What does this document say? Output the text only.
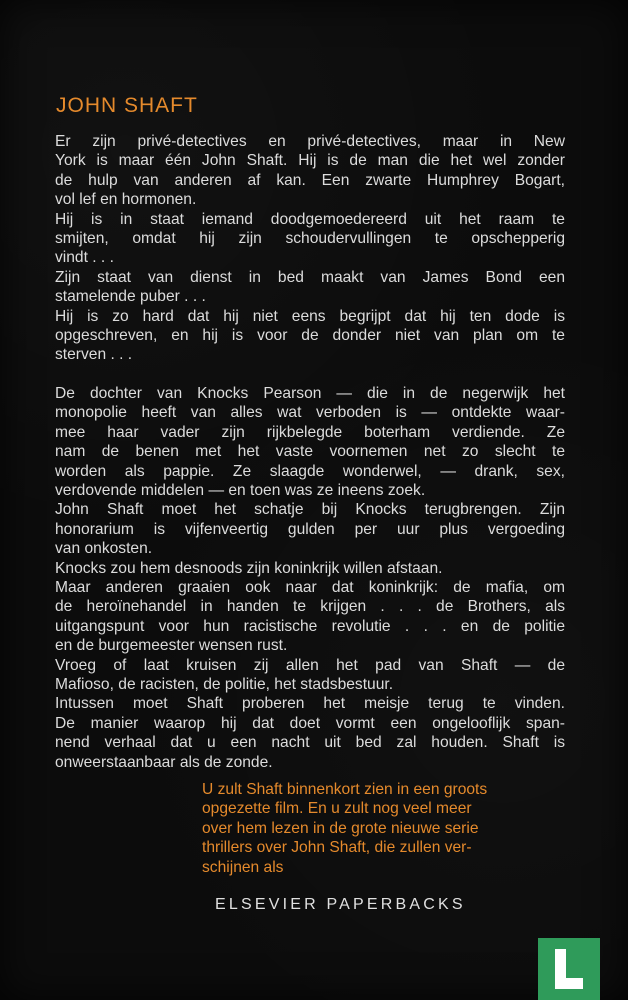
JOHN SHAFT
Er zijn privé-detectives en privé-detectives, maar in New
York is maar één John Shaft. Hij is de man die het wel zonder
de hulp van anderen af kan. Een zwarte Humphrey Bogart,
vol lef en hormonen.
Hij is in staat iemand doodgemoedereerd uit het raam te
smijten, omdat hij zijn schoudervullingen te opschepperig
vindt . . .
Zijn staat van dienst in bed maakt van James Bond een
stamelende puber . . .
Hij is zo hard dat hij niet eens begrijpt dat hij ten dode is
opgeschreven, en hij is voor de donder niet van plan om te
sterven . . .
De dochter van Knocks Pearson — die in de negerwijk het
monopolie heeft van alles wat verboden is — ontdekte waar-
mee haar vader zijn rijkbelegde boterham verdiende. Ze
nam de benen met het vaste voornemen net zo slecht te
worden als pappie. Ze slaagde wonderwel, — drank, sex,
verdovende middelen — en toen was ze ineens zoek.
John Shaft moet het schatje bij Knocks terugbrengen. Zijn
honorarium is vijfenveertig gulden per uur plus vergoeding
van onkosten.
Knocks zou hem desnoods zijn koninkrijk willen afstaan.
Maar anderen graaien ook naar dat koninkrijk: de mafia, om
de heroïnehandel in handen te krijgen . . . de Brothers, als
uitgangspunt voor hun racistische revolutie . . . en de politie
en de burgemeester wensen rust.
Vroeg of laat kruisen zij allen het pad van Shaft — de
Mafioso, de racisten, de politie, het stadsbestuur.
Intussen moet Shaft proberen het meisje terug te vinden.
De manier waarop hij dat doet vormt een ongelooflijk span-
nend verhaal dat u een nacht uit bed zal houden. Shaft is
onweerstaanbaar als de zonde.
U zult Shaft binnenkort zien in een groots
opgezette film. En u zult nog veel meer
over hem lezen in de grote nieuwe serie
thrillers over John Shaft, die zullen ver-
schijnen als
ELSEVIER PAPERBACKS
